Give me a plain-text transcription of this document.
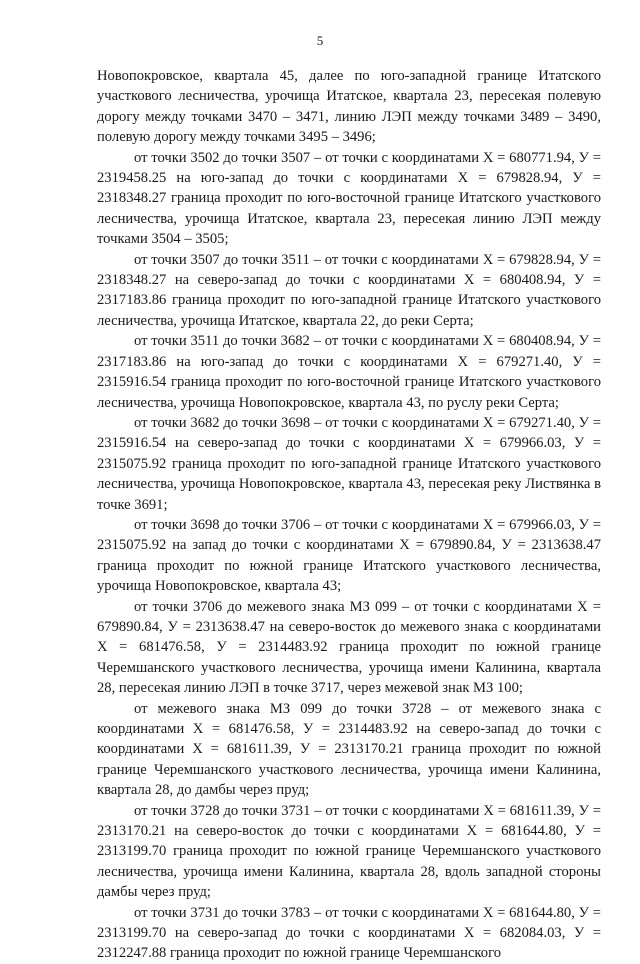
5

Новопокровское, квартала 45, далее по юго-западной границе Итатского участкового лесничества, урочища Итатское, квартала 23, пересекая полевую дорогу между точками 3470 – 3471, линию ЛЭП между точками 3489 – 3490, полевую дорогу между точками 3495 – 3496;

от точки 3502 до точки 3507 – от точки с координатами X = 680771.94, У = 2319458.25 на юго-запад до точки с координатами X = 679828.94, У = 2318348.27 граница проходит по юго-восточной границе Итатского участкового лесничества, урочища Итатское, квартала 23, пересекая линию ЛЭП между точками 3504 – 3505;

от точки 3507 до точки 3511 – от точки с координатами X = 679828.94, У = 2318348.27 на северо-запад до точки с координатами X = 680408.94, У = 2317183.86 граница проходит по юго-западной границе Итатского участкового лесничества, урочища Итатское, квартала 22, до реки Серта;

от точки 3511 до точки 3682 – от точки с координатами X = 680408.94, У = 2317183.86 на юго-запад до точки с координатами X = 679271.40, У = 2315916.54 граница проходит по юго-восточной границе Итатского участкового лесничества, урочища Новопокровское, квартала 43, по руслу реки Серта;

от точки 3682 до точки 3698 – от точки с координатами X = 679271.40, У = 2315916.54 на северо-запад до точки с координатами X = 679966.03, У = 2315075.92 граница проходит по юго-западной границе Итатского участкового лесничества, урочища Новопокровское, квартала 43, пересекая реку Листвянка в точке 3691;

от точки 3698 до точки 3706 – от точки с координатами X = 679966.03, У = 2315075.92 на запад до точки с координатами X = 679890.84, У = 2313638.47 граница проходит по южной границе Итатского участкового лесничества, урочища Новопокровское, квартала 43;

от точки 3706 до межевого знака МЗ 099 – от точки с координатами X = 679890.84, У = 2313638.47 на северо-восток до межевого знака с координатами X = 681476.58, У = 2314483.92 граница проходит по южной границе Черемшанского участкового лесничества, урочища имени Калинина, квартала 28, пересекая линию ЛЭП в точке 3717, через межевой знак МЗ 100;

от межевого знака МЗ 099 до точки 3728 – от межевого знака с координатами X = 681476.58, У = 2314483.92 на северо-запад до точки с координатами X = 681611.39, У = 2313170.21 граница проходит по южной границе Черемшанского участкового лесничества, урочища имени Калинина, квартала 28, до дамбы через пруд;

от точки 3728 до точки 3731 – от точки с координатами X = 681611.39, У = 2313170.21 на северо-восток до точки с координатами X = 681644.80, У = 2313199.70 граница проходит по южной границе Черемшанского участкового лесничества, урочища имени Калинина, квартала 28, вдоль западной стороны дамбы через пруд;

от точки 3731 до точки 3783 – от точки с координатами X = 681644.80, У = 2313199.70 на северо-запад до точки с координатами X = 682084.03, У = 2312247.88 граница проходит по южной границе Черемшанского
